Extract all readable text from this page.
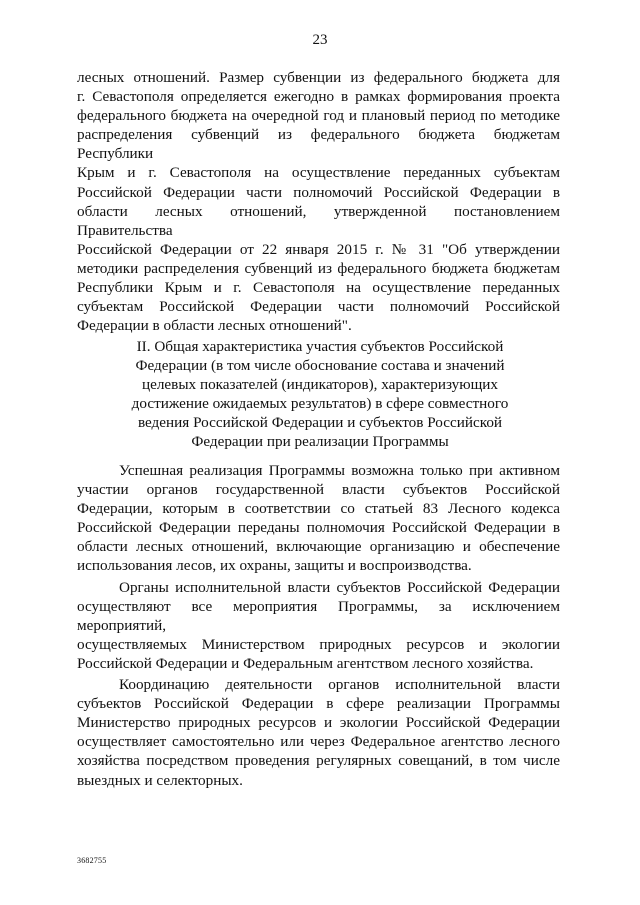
23

лесных отношений. Размер субвенции из федерального бюджета для

г. Севастополя определяется ежегодно в рамках формирования проекта

федерального бюджета на очередной год и плановый период по методике

распределения субвенций из федерального бюджета бюджетам Республики

Крым и г. Севастополя на осуществление переданных субъектам

Российской Федерации части полномочий Российской Федерации в

области лесных отношений, утвержденной постановлением Правительства

Российской Федерации от 22 января 2015 г. № 31 "Об утверждении

методики распределения субвенций из федерального бюджета бюджетам

Республики Крым и г. Севастополя на осуществление переданных

субъектам Российской Федерации части полномочий Российской

Федерации в области лесных отношений".

II. Общая характеристика участия субъектов Российской

Федерации (в том числе обоснование состава и значений

целевых показателей (индикаторов), характеризующих

достижение ожидаемых результатов) в сфере совместного

ведения Российской Федерации и субъектов Российской

Федерации при реализации Программы

Успешная реализация Программы возможна только при активном

участии органов государственной власти субъектов Российской

Федерации, которым в соответствии со статьей 83 Лесного кодекса

Российской Федерации переданы полномочия Российской Федерации в

области лесных отношений, включающие организацию и обеспечение

использования лесов, их охраны, защиты и воспроизводства.

Органы исполнительной власти субъектов Российской Федерации

осуществляют все мероприятия Программы, за исключением мероприятий,

осуществляемых Министерством природных ресурсов и экологии

Российской Федерации и Федеральным агентством лесного хозяйства.

Координацию деятельности органов исполнительной власти

субъектов Российской Федерации в сфере реализации Программы

Министерство природных ресурсов и экологии Российской Федерации

осуществляет самостоятельно или через Федеральное агентство лесного

хозяйства посредством проведения регулярных совещаний, в том числе

выездных и селекторных.

3682755
